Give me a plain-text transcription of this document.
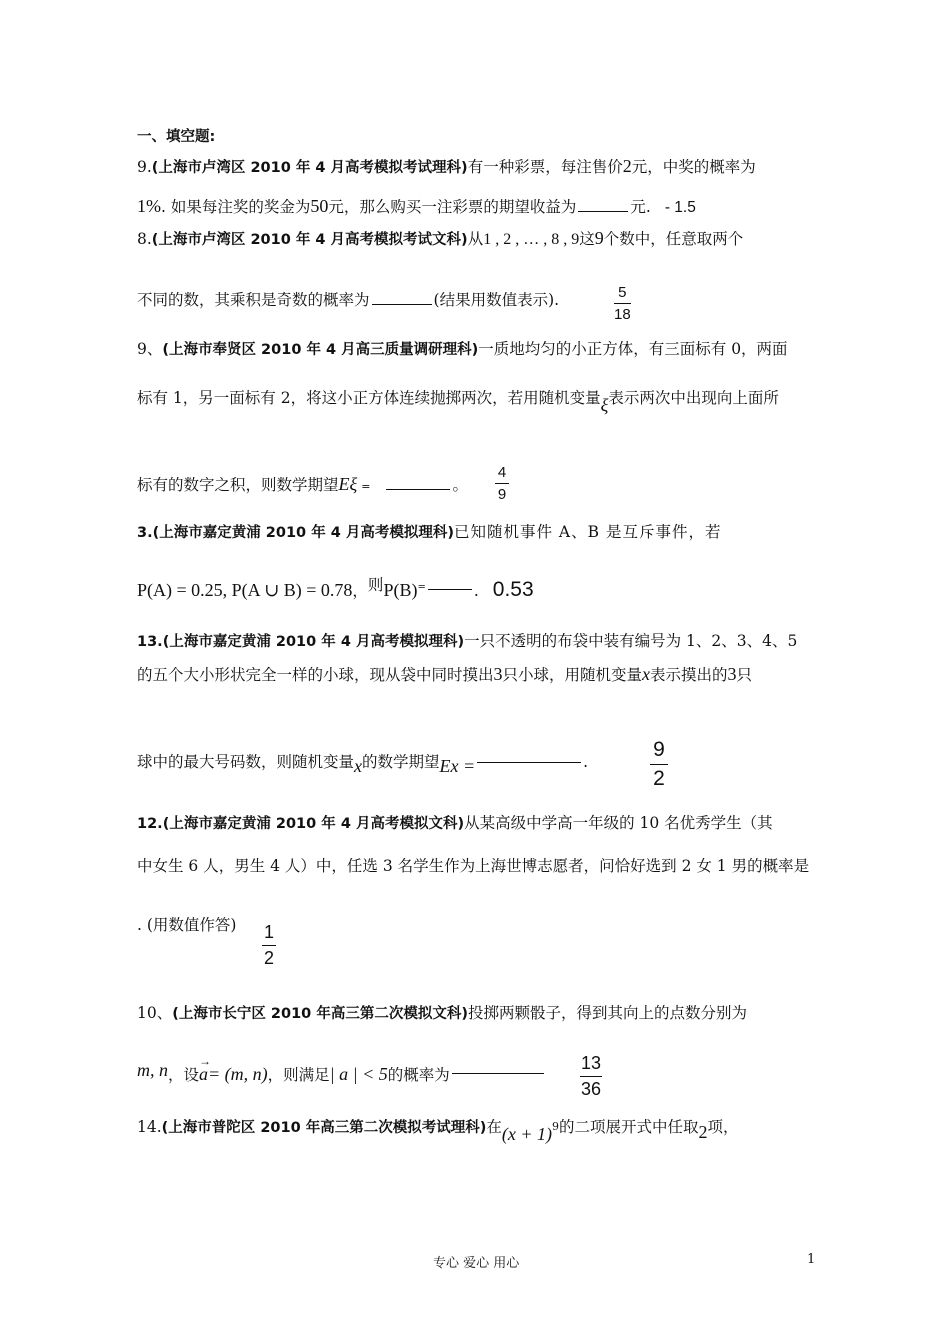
一、填空题:
9.(上海市卢湾区 2010 年 4 月高考模拟考试理科)有一种彩票，每注售价2元，中奖的概率为
1%. 如果每注奖的奖金为50元，那么购买一注彩票的期望收益为	元. - 1.5
8.(上海市卢湾区 2010 年 4 月高考模拟考试文科)从1 , 2 , … , 8 , 9这9个数中，任意取两个
不同的数，其乘积是奇数的概率为	(结果用数值表示).	5
18
9、(上海市奉贤区 2010 年 4 月高三质量调研理科)一质地均匀的小正方体，有三面标有 0，两面
标有 1，另一面标有 2，将这小正方体连续抛掷两次，若用随机变量ξ表示两次中出现向上面所
标有的数字之积，则数学期望Eξ =	。
4
9
3.(上海市嘉定黄浦 2010 年 4 月高考模拟理科)已知随机事件 A、B 是互斥事件，若
P(A) = 0.25, P(A ∪ B) = 0.78，则P(B)=	. 0.53
13.(上海市嘉定黄浦 2010 年 4 月高考模拟理科)一只不透明的布袋中装有编号为 1、2、3、4、5
的五个大小形状完全一样的小球，现从袋中同时摸出3只小球，用随机变量x表示摸出的3只
球中的最大号码数，则随机变量x的数学期望Ex =	.
9
2
12.(上海市嘉定黄浦 2010 年 4 月高考模拟文科)从某高级中学高一年级的 10 名优秀学生（其
中女生 6 人，男生 4 人）中，任选 3 名学生作为上海世博志愿者，问恰好选到 2 女 1 男的概率是
. (用数值作答) 1
2
10、(上海市长宁区 2010 年高三第二次模拟文科)投掷两颗骰子，得到其向上的点数分别为
m, n，设→ a= (m, n)，则满足| a | < 5的概率为
13
36
14.(上海市普陀区 2010 年高三第二次模拟考试理科)在$(x + 1)^9$的二项展开式中任取2项，
专心 爱心 用心	1
